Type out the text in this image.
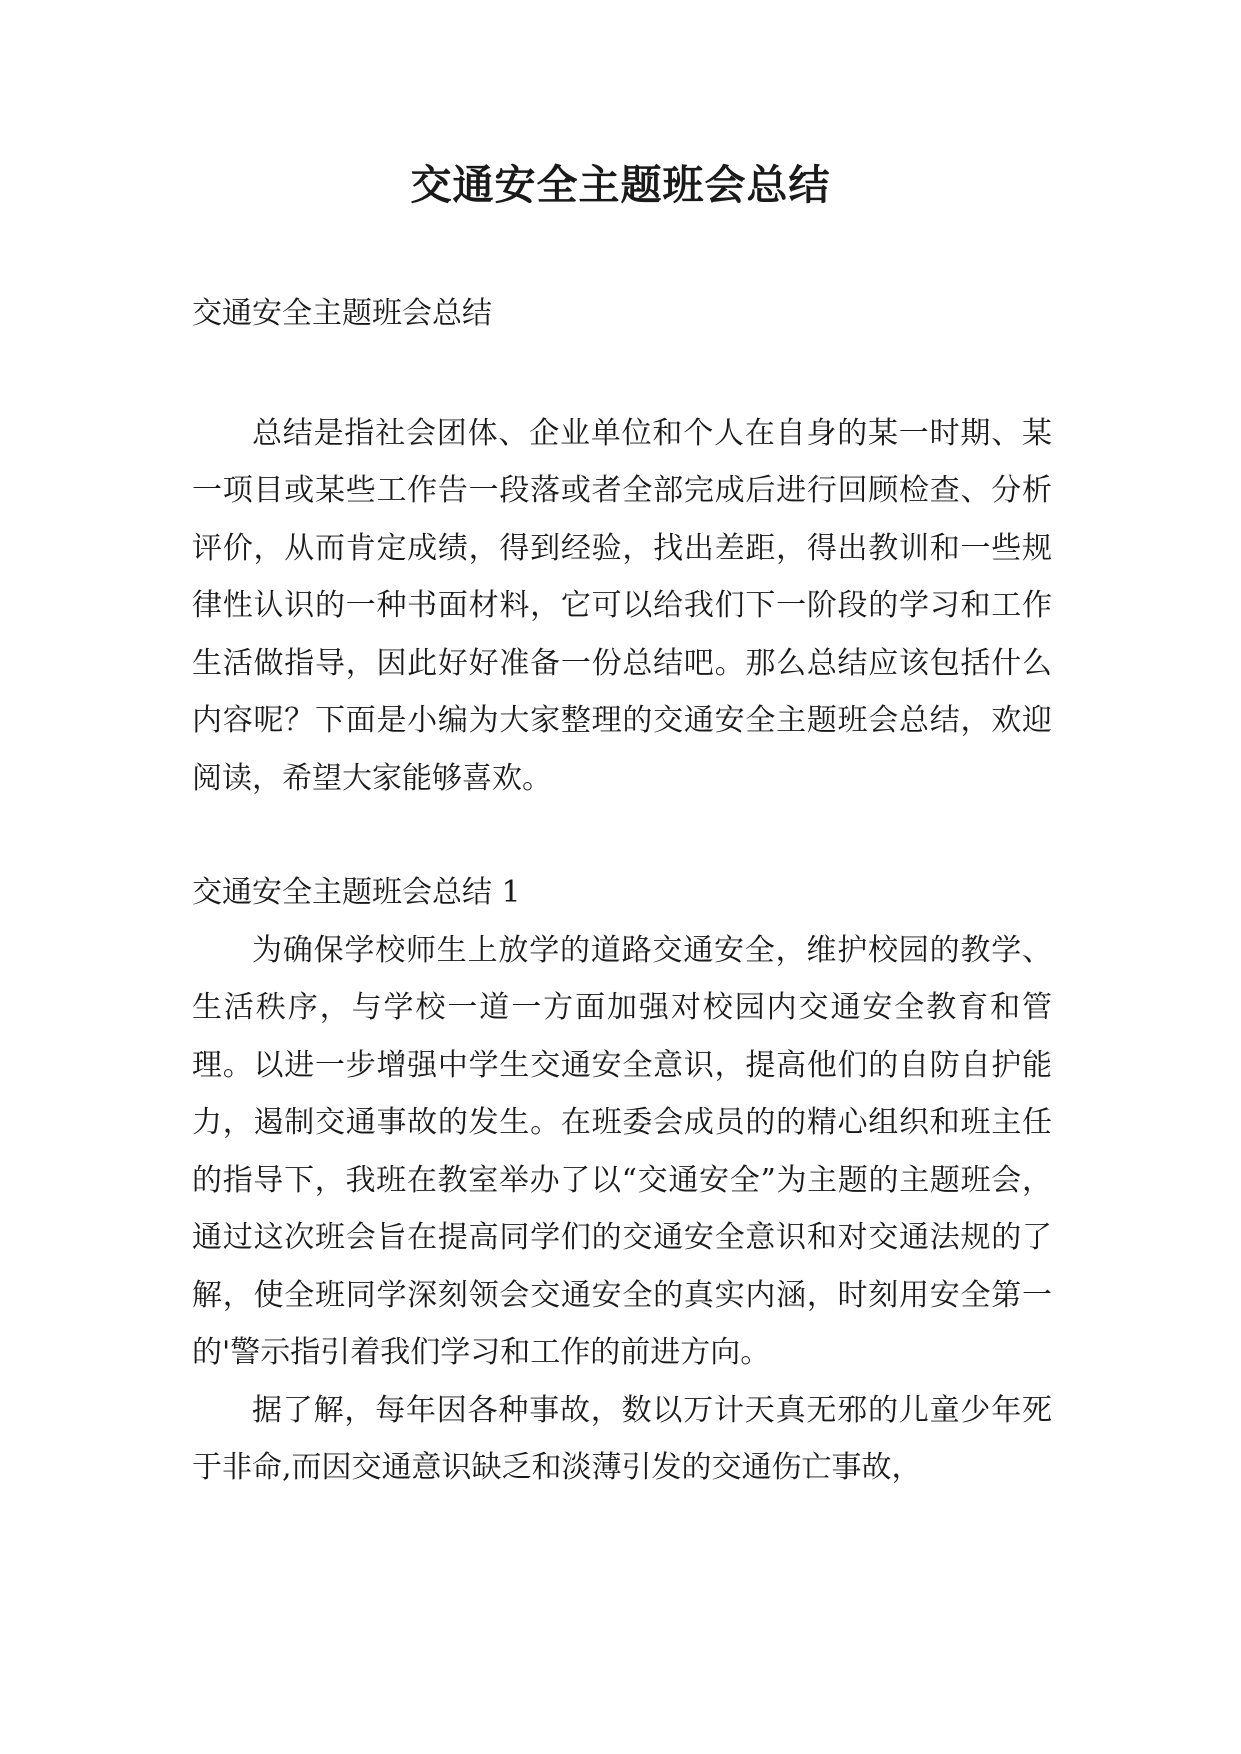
交通安全主题班会总结

交通安全主题班会总结

总结是指社会团体、企业单位和个人在自身的某一时期、某一项目或某些工作告一段落或者全部完成后进行回顾检查、分析评价，从而肯定成绩，得到经验，找出差距，得出教训和一些规律性认识的一种书面材料，它可以给我们下一阶段的学习和工作生活做指导，因此好好准备一份总结吧。那么总结应该包括什么内容呢？下面是小编为大家整理的交通安全主题班会总结，欢迎阅读，希望大家能够喜欢。

交通安全主题班会总结 1

为确保学校师生上放学的道路交通安全，维护校园的教学、生活秩序，与学校一道一方面加强对校园内交通安全教育和管理。以进一步增强中学生交通安全意识，提高他们的自防自护能力，遏制交通事故的发生。在班委会成员的的精心组织和班主任的指导下，我班在教室举办了以“交通安全”为主题的主题班会，通过这次班会旨在提高同学们的交通安全意识和对交通法规的了解，使全班同学深刻领会交通安全的真实内涵，时刻用安全第一的'警示指引着我们学习和工作的前进方向。

据了解，每年因各种事故，数以万计天真无邪的儿童少年死于非命,而因交通意识缺乏和淡薄引发的交通伤亡事故，
